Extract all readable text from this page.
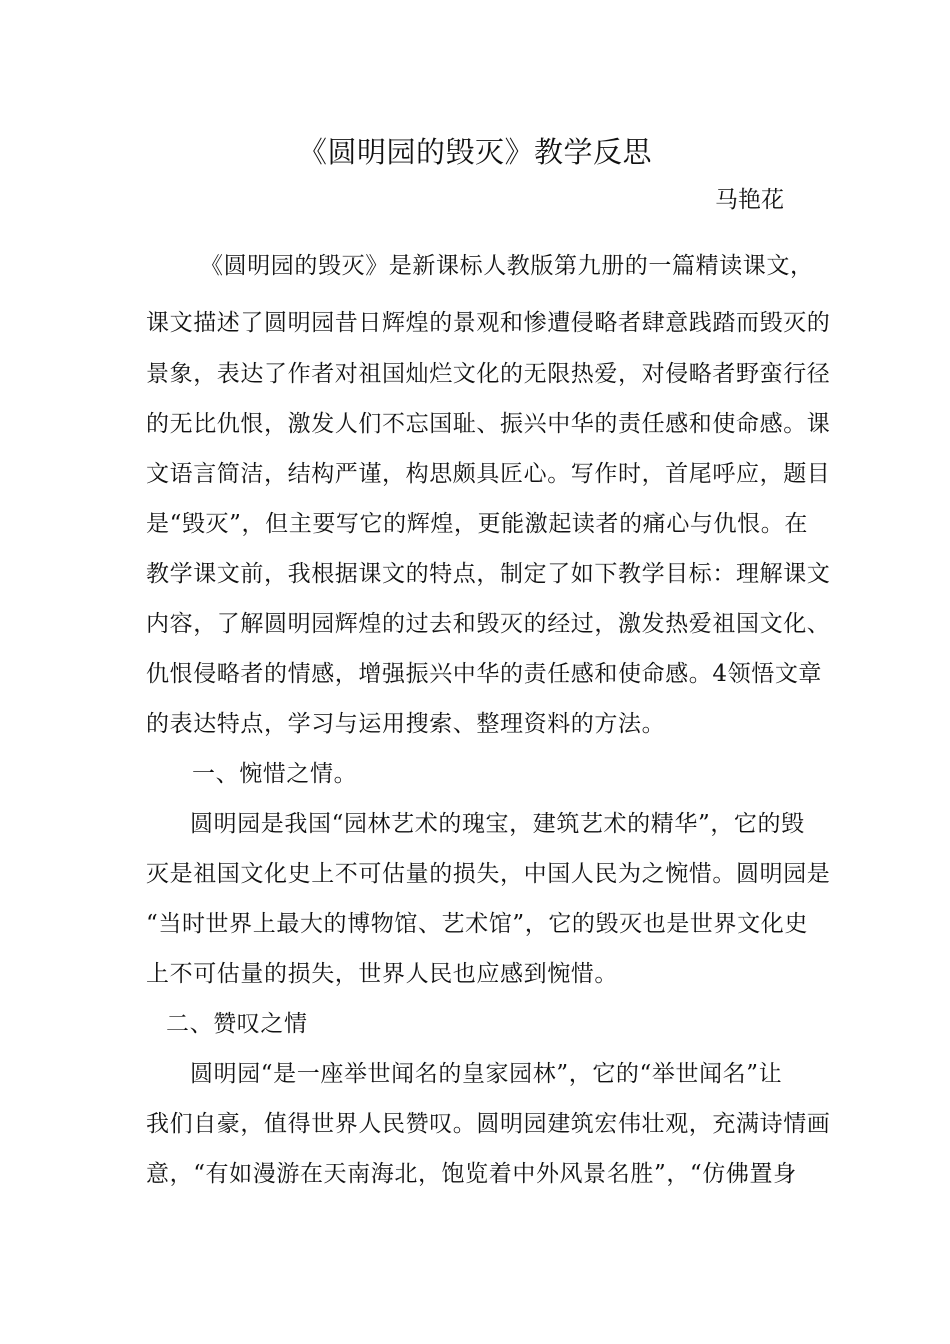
《圆明园的毁灭》教学反思
马艳花
《圆明园的毁灭》是新课标人教版第九册的一篇精读课文，
课文描述了圆明园昔日辉煌的景观和惨遭侵略者肆意践踏而毁灭的
景象，表达了作者对祖国灿烂文化的无限热爱，对侵略者野蛮行径
的无比仇恨，激发人们不忘国耻、振兴中华的责任感和使命感。课
文语言简洁，结构严谨，构思颇具匠心。写作时，首尾呼应，题目
是“毁灭”，但主要写它的辉煌，更能激起读者的痛心与仇恨。在
教学课文前，我根据课文的特点，制定了如下教学目标：理解课文
内容，了解圆明园辉煌的过去和毁灭的经过，激发热爱祖国文化、
仇恨侵略者的情感，增强振兴中华的责任感和使命感。4领悟文章
的表达特点，学习与运用搜索、整理资料的方法。
一、惋惜之情。
圆明园是我国“园林艺术的瑰宝，建筑艺术的精华”，它的毁
灭是祖国文化史上不可估量的损失，中国人民为之惋惜。圆明园是
“当时世界上最大的博物馆、艺术馆”，它的毁灭也是世界文化史
上不可估量的损失，世界人民也应感到惋惜。
二、赞叹之情
圆明园“是一座举世闻名的皇家园林”，它的“举世闻名”让
我们自豪，值得世界人民赞叹。圆明园建筑宏伟壮观，充满诗情画
意，“有如漫游在天南海北，饱览着中外风景名胜”，“仿佛置身
